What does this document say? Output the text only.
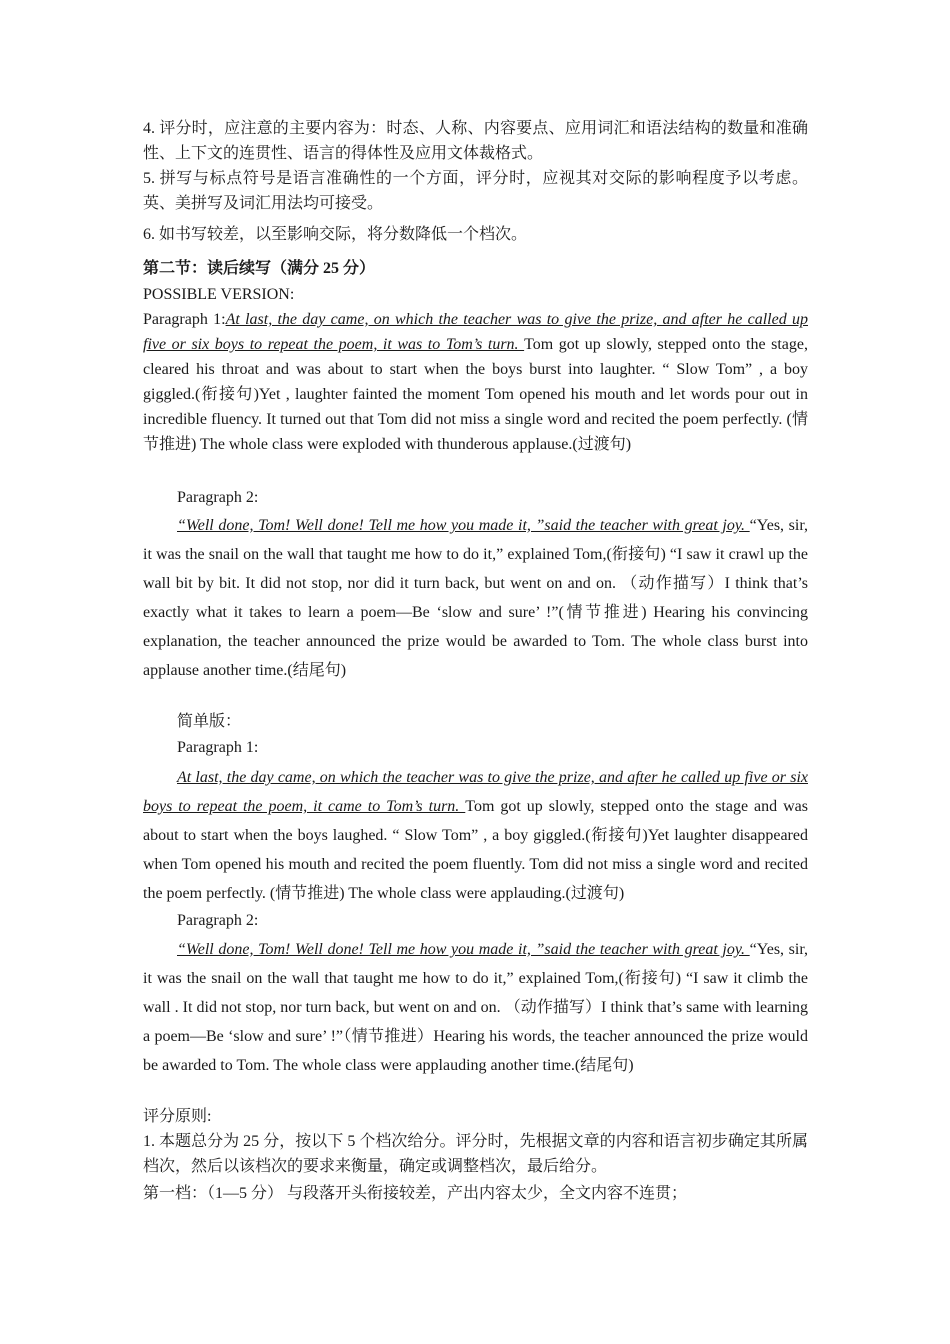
4. 评分时，应注意的主要内容为：时态、人称、内容要点、应用词汇和语法结构的数量和准确性、上下文的连贯性、语言的得体性及应用文体裁格式。

5. 拼写与标点符号是语言准确性的一个方面，评分时，应视其对交际的影响程度予以考虑。英、美拼写及词汇用法均可接受。

6. 如书写较差，以至影响交际，将分数降低一个档次。

第二节：读后续写（满分 25 分）

POSSIBLE VERSION:

Paragraph 1:At last, the day came, on which the teacher was to give the prize, and after he called up five or six boys to repeat the poem, it was to Tom’s turn. Tom got up slowly, stepped onto the stage, cleared his throat and was about to start when the boys burst into laughter. “ Slow Tom” , a boy giggled.(衔接句)Yet , laughter fainted the moment Tom opened his mouth and let words pour out in incredible fluency. It turned out that Tom did not miss a single word and recited the poem perfectly. (情节推进) The whole class were exploded with thunderous applause.(过渡句)

Paragraph 2:

“Well done, Tom! Well done! Tell me how you made it, ”said the teacher with great joy. “Yes, sir, it was the snail on the wall that taught me how to do it,” explained Tom,(衔接句) “I saw it crawl up the wall bit by bit. It did not stop, nor did it turn back, but went on and on. （动作描写）I think that’s exactly what it takes to learn a poem—Be ‘slow and sure’ !”(情节推进) Hearing his convincing explanation, the teacher announced the prize would be awarded to Tom. The whole class burst into applause another time.(结尾句)

简单版：

Paragraph 1:

At last, the day came, on which the teacher was to give the prize, and after he called up five or six boys to repeat the poem, it came to Tom’s turn. Tom got up slowly, stepped onto the stage and was about to start when the boys laughed. “ Slow Tom” , a boy giggled.(衔接句)Yet laughter disappeared when Tom opened his mouth and recited the poem fluently. Tom did not miss a single word and recited the poem perfectly. (情节推进) The whole class were applauding.(过渡句)

Paragraph 2:

“Well done, Tom! Well done! Tell me how you made it, ”said the teacher with great joy. “Yes, sir, it was the snail on the wall that taught me how to do it,” explained Tom,(衔接句) “I saw it climb the wall . It did not stop, nor turn back, but went on and on. （动作描写）I think that’s same with learning a poem—Be ‘slow and sure’ !”（情节推进）Hearing his words, the teacher announced the prize would be awarded to Tom. The whole class were applauding another time.(结尾句)

评分原则:

1. 本题总分为 25 分，按以下 5 个档次给分。评分时，先根据文章的内容和语言初步确定其所属档次，然后以该档次的要求来衡量，确定或调整档次，最后给分。

第一档：（1—5 分） 与段落开头衔接较差，产出内容太少，全文内容不连贯；
